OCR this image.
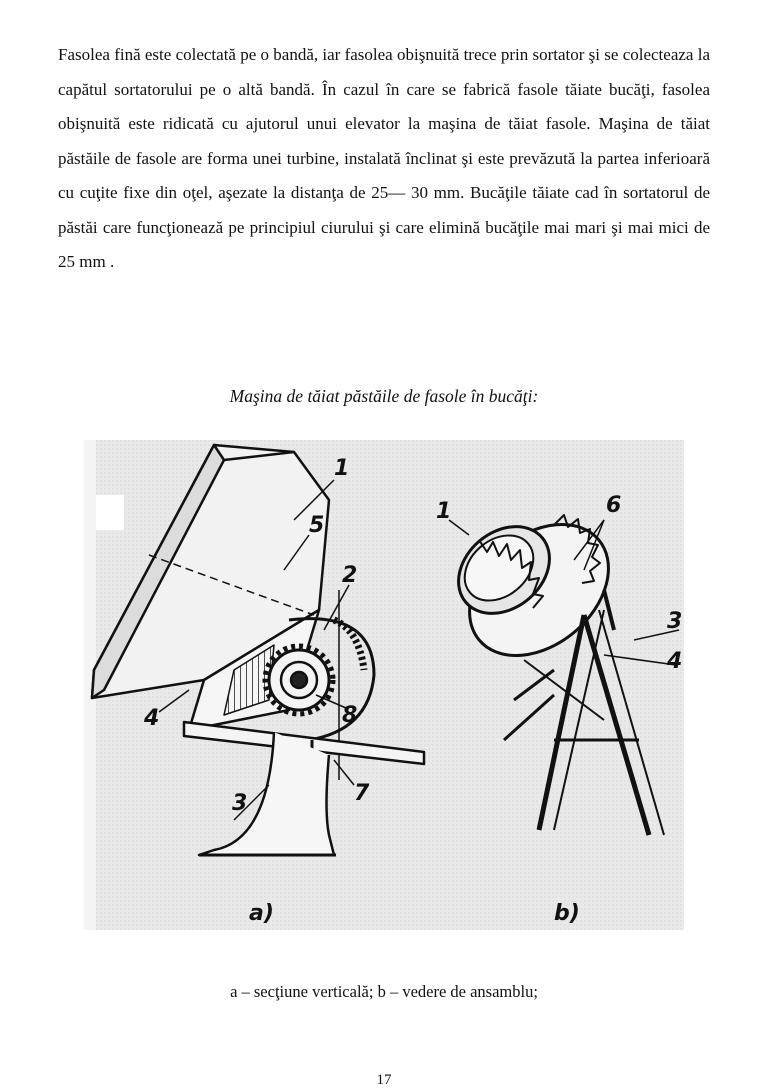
Fasolea fină este colectată pe o bandă, iar fasolea obişnuită trece prin sortator şi se colecteaza la capătul sortatorului pe o altă bandă. În cazul în care se fabrică fasole tăiate bucăţi, fasolea obişnuită este ridicată cu ajutorul unui elevator la maşina de tăiat fasole. Maşina de tăiat păstăile de fasole are forma unei turbine, instalată înclinat şi este prevăzută la partea inferioară cu cuţite fixe din oţel, aşezate la distanţa de 25— 30 mm. Bucăţile tăiate cad în sortatorul de păstăi care funcţionează pe principiul ciurului şi care elimină bucăţile mai mari şi mai mici de 25 mm .

Maşina de tăiat păstăile de fasole în bucăţi:
1
5
2
4	8
3	7
a)
1	6
3
4
b)
a – secţiune verticală; b – vedere de ansamblu;
17
